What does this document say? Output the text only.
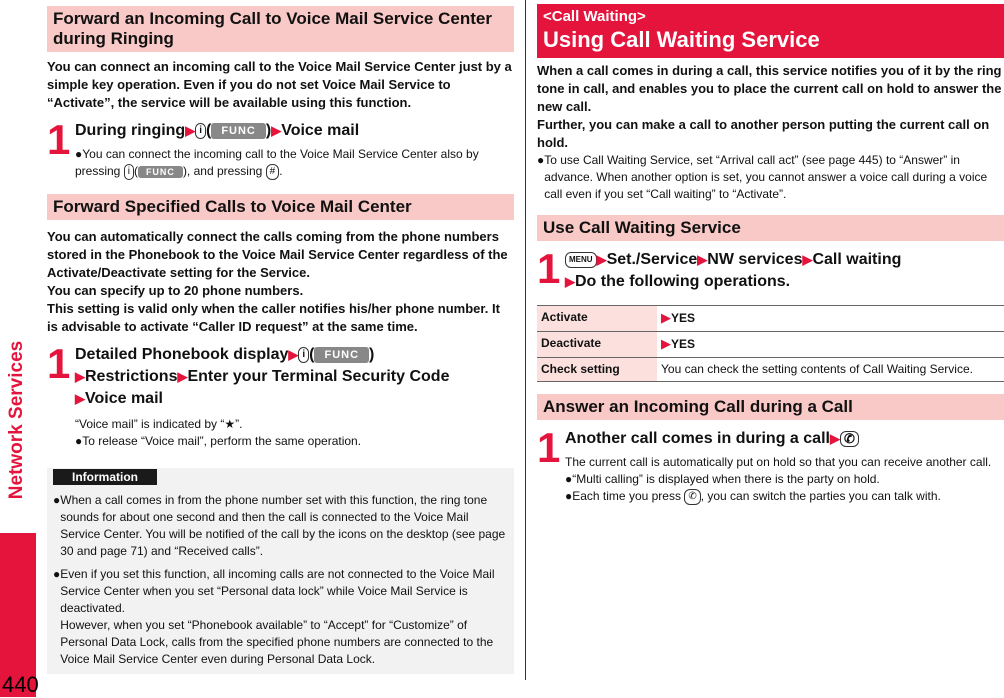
Network Services
440
Forward an Incoming Call to Voice Mail Service Center during Ringing

You can connect an incoming call to the Voice Mail Service Center just by a simple key operation. Even if you do not set Voice Mail Service to “Activate”, the service will be available using this function.

1 During ringing▶ i ( FUNC )▶Voice mail
●You can connect the incoming call to the Voice Mail Service Center also by pressing i ( FUNC ), and pressing # .
Forward Specified Calls to Voice Mail Center

You can automatically connect the calls coming from the phone numbers stored in the Phonebook to the Voice Mail Service Center regardless of the Activate/Deactivate setting for the Service.
You can specify up to 20 phone numbers.
This setting is valid only when the caller notifies his/her phone number. It is advisable to activate “Caller ID request” at the same time.

1 Detailed Phonebook display▶ i ( FUNC )
▶Restrictions▶Enter your Terminal Security Code
▶Voice mail
“Voice mail” is indicated by “★”.
●To release “Voice mail”, perform the same operation.
Information
● When a call comes in from the phone number set with this function, the ring tone sounds for about one second and then the call is connected to the Voice Mail Service Center. You will be notified of the call by the icons on the desktop (see page 30 and page 71) and “Received calls”.
● Even if you set this function, all incoming calls are not connected to the Voice Mail Service Center when you set “Personal data lock” while Voice Mail Service is deactivated.
However, when you set “Phonebook available” to “Accept” for “Customize” of Personal Data Lock, calls from the specified phone numbers are connected to the Voice Mail Service Center even during Personal Data Lock.
<Call Waiting>
Using Call Waiting Service

When a call comes in during a call, this service notifies you of it by the ring tone in call, and enables you to place the current call on hold to answer the new call.
Further, you can make a call to another person putting the current call on hold.

● To use Call Waiting Service, set “Arrival call act” (see page 445) to “Answer” in advance. When another option is set, you cannot answer a voice call during a voice call even if you set “Call waiting” to “Activate”.
Use Call Waiting Service
1	MENU ▶Set./Service▶NW services▶Call waiting
▶Do the following operations.
Activate	▶YES
Deactivate	▶YES
Check setting	You can check the setting contents of Call Waiting Service.
Answer an Incoming Call during a Call
1 Another call comes in during a call▶ ✆
The current call is automatically put on hold so that you can receive another call.
●“Multi calling” is displayed when there is the party on hold.
●Each time you press ✆ , you can switch the parties you can talk with.
